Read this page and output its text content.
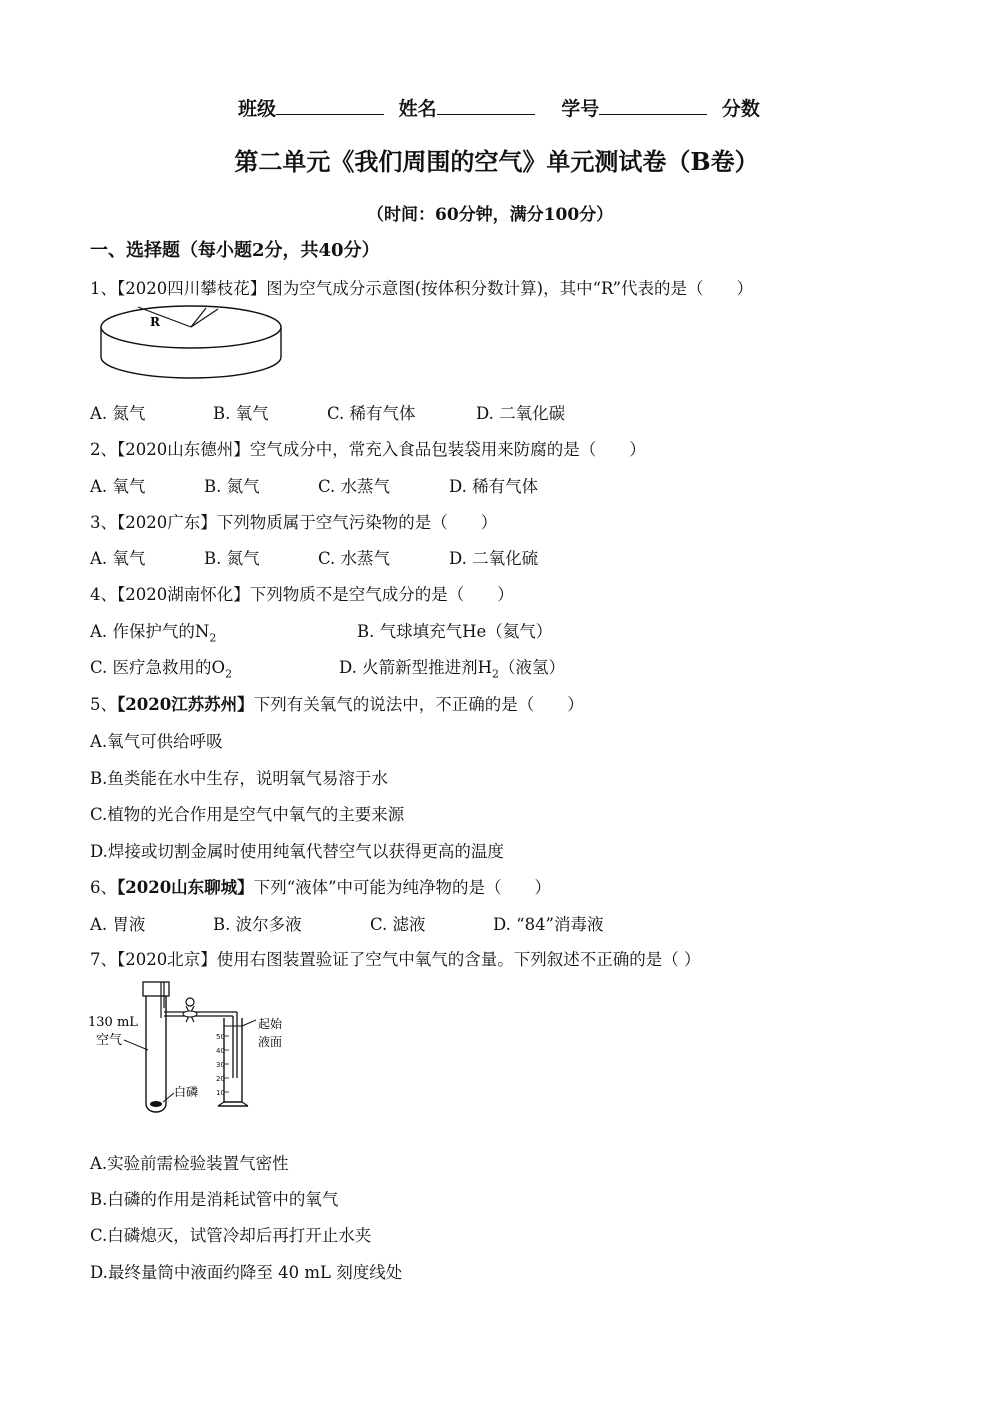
班级	姓名	学号	分数
第二单元《我们周围的空气》单元测试卷（B卷）
（时间：60分钟，满分100分）
一、选择题（每小题2分，共40分）
1、【2020四川攀枝花】图为空气成分示意图(按体积分数计算)，其中“R”代表的是（　　）
R
A. 氮气	B. 氧气	C. 稀有气体	D. 二氧化碳
2、【2020山东德州】空气成分中，常充入食品包装袋用来防腐的是（　　）
A. 氧气	B. 氮气	C. 水蒸气	D. 稀有气体
3、【2020广东】下列物质属于空气污染物的是（　　）
A. 氧气	B. 氮气	C. 水蒸气	D. 二氧化硫
4、【2020湖南怀化】下列物质不是空气成分的是（　　）
A. 作保护气的$N_2$	B. 气球填充气He（氦气）
C. 医疗急救用的$O_2$	D. 火箭新型推进剂$H_2$（液氢）
5、【2020江苏苏州】下列有关氧气的说法中，不正确的是（　　）
A.氧气可供给呼吸
B.鱼类能在水中生存，说明氧气易溶于水
C.植物的光合作用是空气中氧气的主要来源
D.焊接或切割金属时使用纯氧代替空气以获得更高的温度
6、【2020山东聊城】下列“液体”中可能为纯净物的是（　　）
A. 胃液	B. 波尔多液	C. 滤液	D. “84”消毒液
7、【2020北京】使用右图装置验证了空气中氧气的含量。下列叙述不正确的是（ ）
50
40
30
20
10
130 mL
空气
白磷
起始
液面
A.实验前需检验装置气密性
B.白磷的作用是消耗试管中的氧气
C.白磷熄灭，试管冷却后再打开止水夹
D.最终量筒中液面约降至 40 mL 刻度线处
